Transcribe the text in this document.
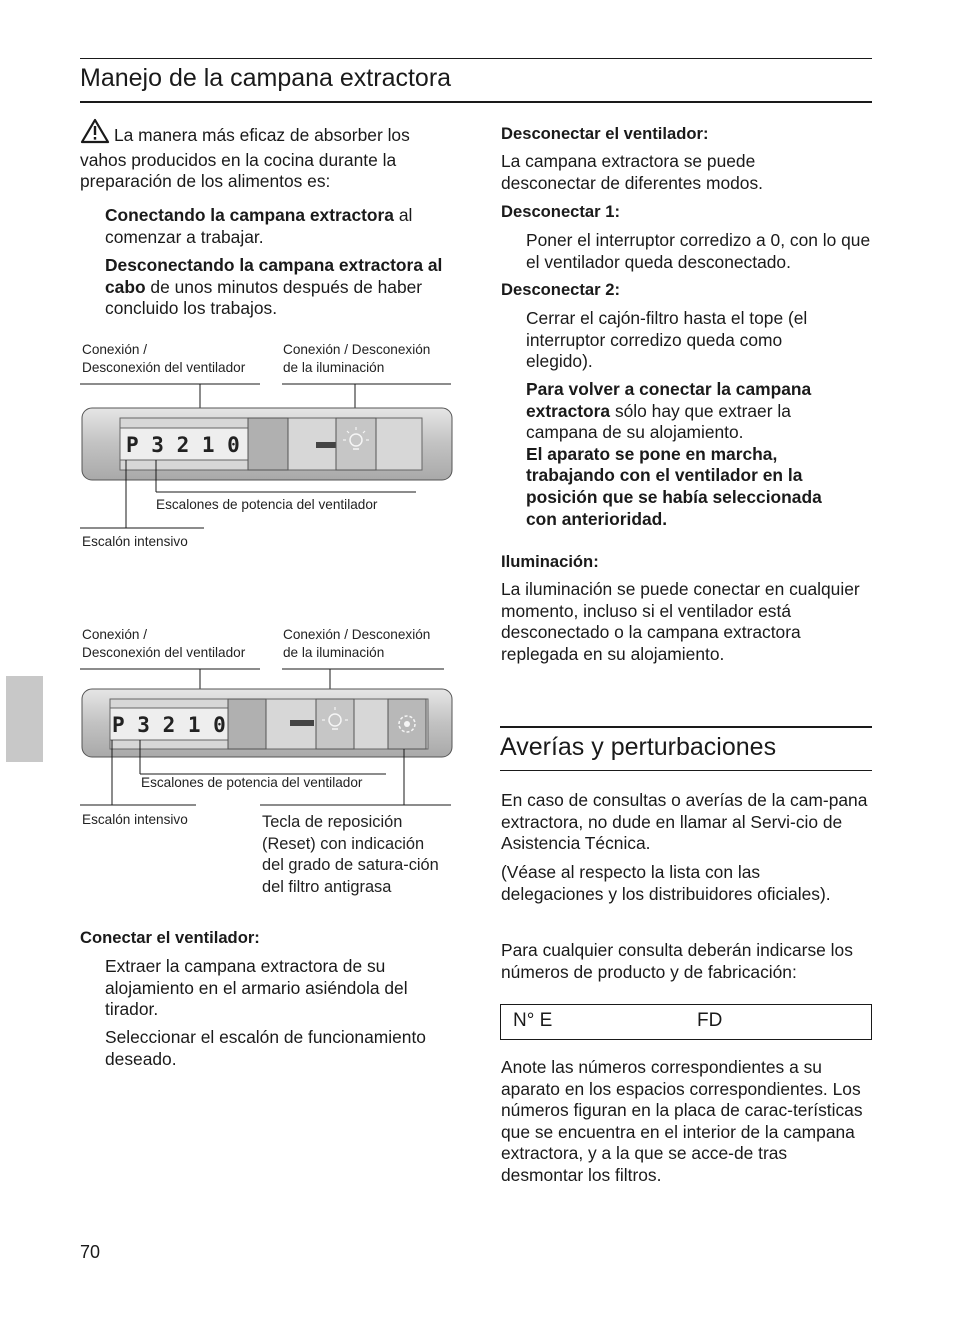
Manejo de la campana extractora
La manera más eficaz de absorber los vahos producidos en la cocina durante la preparación de los alimentos es:
Conectando la campana extractora al comenzar a trabajar.
Desconectando la campana extractora al cabo de unos minutos después de haber concluido los trabajos.
Conexión /
Desconexión del ventilador
Conexión / Desconexión
de la iluminación
P 3 2 1 0
Escalones de potencia del ventilador
Escalón intensivo
Conexión /
Desconexión del ventilador
Conexión / Desconexión
de la iluminación
P 3 2 1 0
Escalones de potencia del ventilador
Escalón intensivo	Tecla de reposición (Reset) con indicación del grado de satura-ción del filtro antigrasa
Conectar el ventilador:
Extraer la campana extractora de su alojamiento en el armario asiéndola del tirador.
Seleccionar el escalón de funcionamiento deseado.
Desconectar el ventilador:
La campana extractora se puede desconectar de diferentes modos.
Desconectar 1:
Poner el interruptor corredizo a 0, con lo que el ventilador queda desconectado.
Desconectar 2:
Cerrar el cajón-filtro hasta el tope (el interruptor corredizo queda como elegido).
Para volver a conectar la campana extractora sólo hay que extraer la campana de su alojamiento.
El aparato se pone en marcha, trabajando con el ventilador en la posición que se había seleccionada con anterioridad.
Iluminación:
La iluminación se puede conectar en cualquier momento, incluso si el ventilador está desconectado o la campana extractora replegada en su alojamiento.
Averías y perturbaciones
En caso de consultas o averías de la cam-pana extractora, no dude en llamar al Servi-cio de Asistencia Técnica.
(Véase al respecto la lista con las delegaciones y los distribuidores oficiales).
Para cualquier consulta deberán indicarse los números de producto y de fabricación:
N° E	FD
Anote las números correspondientes a su aparato en los espacios correspondientes. Los números figuran en la placa de carac-terísticas que se encuentra en el interior de la campana extractora, y a la que se acce-de tras desmontar los filtros.
70
